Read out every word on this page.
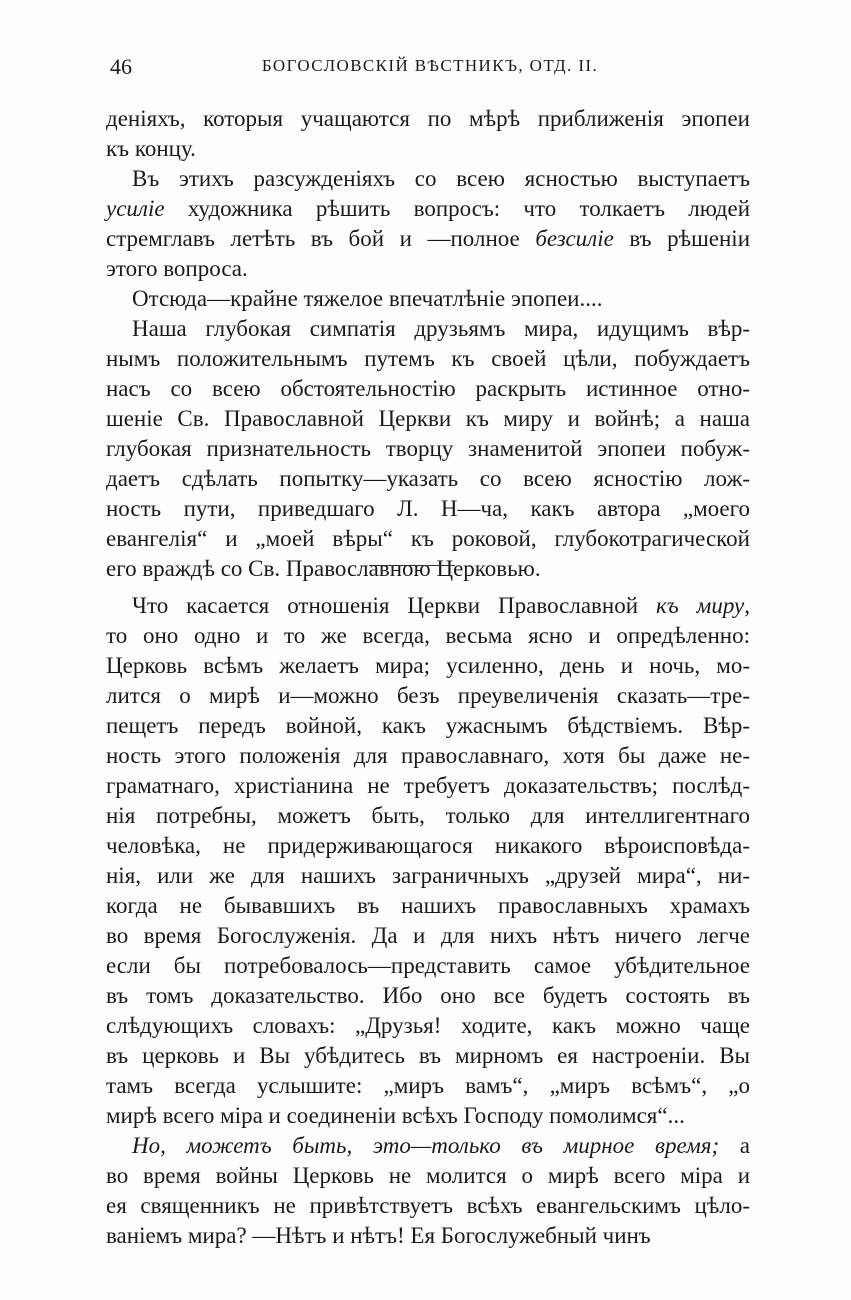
46	БОГОСЛОВСКІЙ ВѢСТНИКЪ, ОТД. II.
деніяхъ, которыя учащаются по мѣрѣ приближенія эпопеи
къ концу.
Въ этихъ разсужденіяхъ со всею ясностью выступаетъ
усиліе художника рѣшить вопросъ: что толкаетъ людей
стремглавъ летѣть въ бой и —полное безсиліе въ рѣшеніи
этого вопроса.
Отсюда—крайне тяжелое впечатлѣніе эпопеи....
Наша глубокая симпатія друзьямъ мира, идущимъ вѣр-
нымъ положительнымъ путемъ къ своей цѣли, побуждаетъ
насъ со всею обстоятельностію раскрыть истинное отно-
шеніе Св. Православной Церкви къ миру и войнѣ; а наша
глубокая признательность творцу знаменитой эпопеи побуж-
даетъ сдѣлать попытку—указать со всею ясностію лож-
ность пути, приведшаго Л. Н—ча, какъ автора „моего
евангелія“ и „моей вѣры“ къ роковой, глубокотрагической
его враждѣ со Св. Православною Церковью.
Что касается отношенія Церкви Православной къ миру,
то оно одно и то же всегда, весьма ясно и опредѣленно:
Церковь всѣмъ желаетъ мира; усиленно, день и ночь, мо-
лится о мирѣ и—можно безъ преувеличенія сказать—тре-
пещетъ передъ войной, какъ ужаснымъ бѣдствіемъ. Вѣр-
ность этого положенія для православнаго, хотя бы даже не-
граматнаго, христіанина не требуетъ доказательствъ; послѣд-
нія потребны, можетъ быть, только для интеллигентнаго
человѣка, не придерживающагося никакого вѣроисповѣда-
нія, или же для нашихъ заграничныхъ „друзей мира“, ни-
когда не бывавшихъ въ нашихъ православныхъ храмахъ
во время Богослуженія. Да и для нихъ нѣтъ ничего легче
если бы потребовалось—представить самое убѣдительное
въ томъ доказательство. Ибо оно все будетъ состоять въ
слѣдующихъ словахъ: „Друзья! ходите, какъ можно чаще
въ церковь и Вы убѣдитесь въ мирномъ ея настроеніи. Вы
тамъ всегда услышите: „миръ вамъ“, „миръ всѣмъ“, „о
мирѣ всего міра и соединеніи всѣхъ Господу помолимся“...
Но, можетъ быть, это—только въ мирное время; а
во время войны Церковь не молится о мирѣ всего міра и
ея священникъ не привѣтствуетъ всѣхъ евангельскимъ цѣло-
ваніемъ мира? —Нѣтъ и нѣтъ! Ея Богослужебный чинъ
